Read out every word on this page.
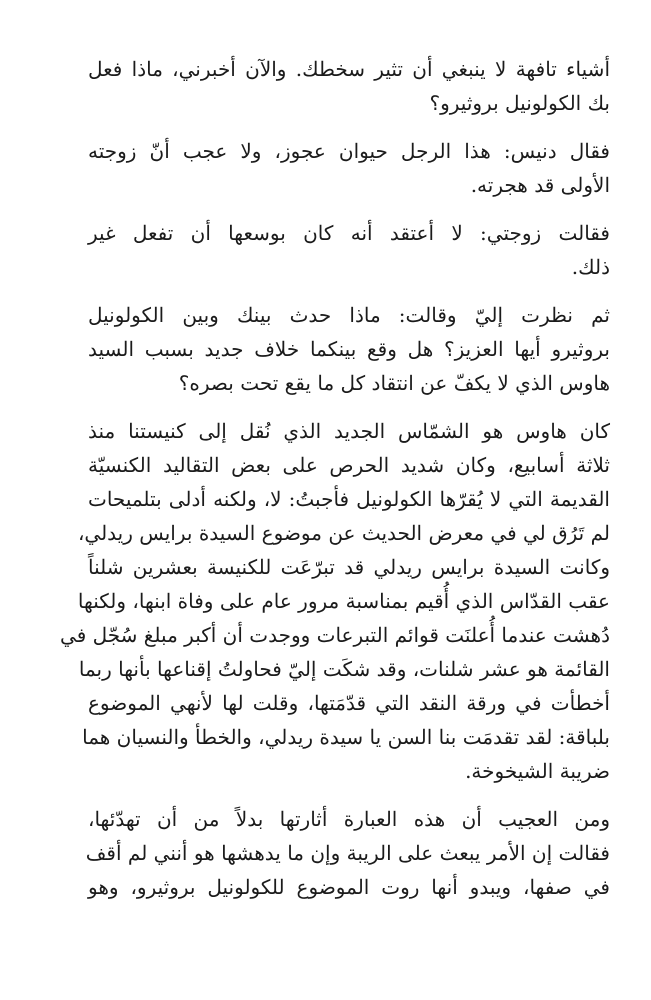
أشياء تافهة لا ينبغي أن تثير سخطك. والآن أخبرني، ماذا فعل
بك الكولونيل بروثيرو؟

فقال دنيس: هذا الرجل حيوان عجوز، ولا عجب أنّ زوجته
الأولى قد هجرته.

فقالت زوجتي: لا أعتقد أنه كان بوسعها أن تفعل غير
ذلك.

ثم نظرت إليّ وقالت: ماذا حدث بينك وبين الكولونيل
بروثيرو أيها العزيز؟ هل وقع بينكما خلاف جديد بسبب السيد
هاوس الذي لا يكفّ عن انتقاد كل ما يقع تحت بصره؟

كان هاوس هو الشمّاس الجديد الذي نُقل إلى كنيستنا منذ
ثلاثة أسابيع، وكان شديد الحرص على بعض التقاليد الكنسيّة
القديمة التي لا يُقرّها الكولونيل فأجبتُ: لا، ولكنه أدلى بتلميحات
لم تَرُق لي في معرض الحديث عن موضوع السيدة برايس ريدلي،
وكانت السيدة برايس ريدلي قد تبرّعَت للكنيسة بعشرين شلناً
عقب القدّاس الذي أُقيم بمناسبة مرور عام على وفاة ابنها، ولكنها
دُهشت عندما أُعلنَت قوائم التبرعات ووجدت أن أكبر مبلغ سُجّل في
القائمة هو عشر شلنات، وقد شكَت إليّ فحاولتُ إقناعها بأنها ربما
أخطأت في ورقة النقد التي قدّمَتها، وقلت لها لأنهي الموضوع
بلباقة: لقد تقدمَت بنا السن يا سيدة ريدلي، والخطأ والنسيان هما
ضريبة الشيخوخة.

ومن العجيب أن هذه العبارة أثارتها بدلاً من أن تهدّئها،
فقالت إن الأمر يبعث على الريبة وإن ما يدهشها هو أنني لم أقف
في صفها، ويبدو أنها روت الموضوع للكولونيل بروثيرو، وهو
